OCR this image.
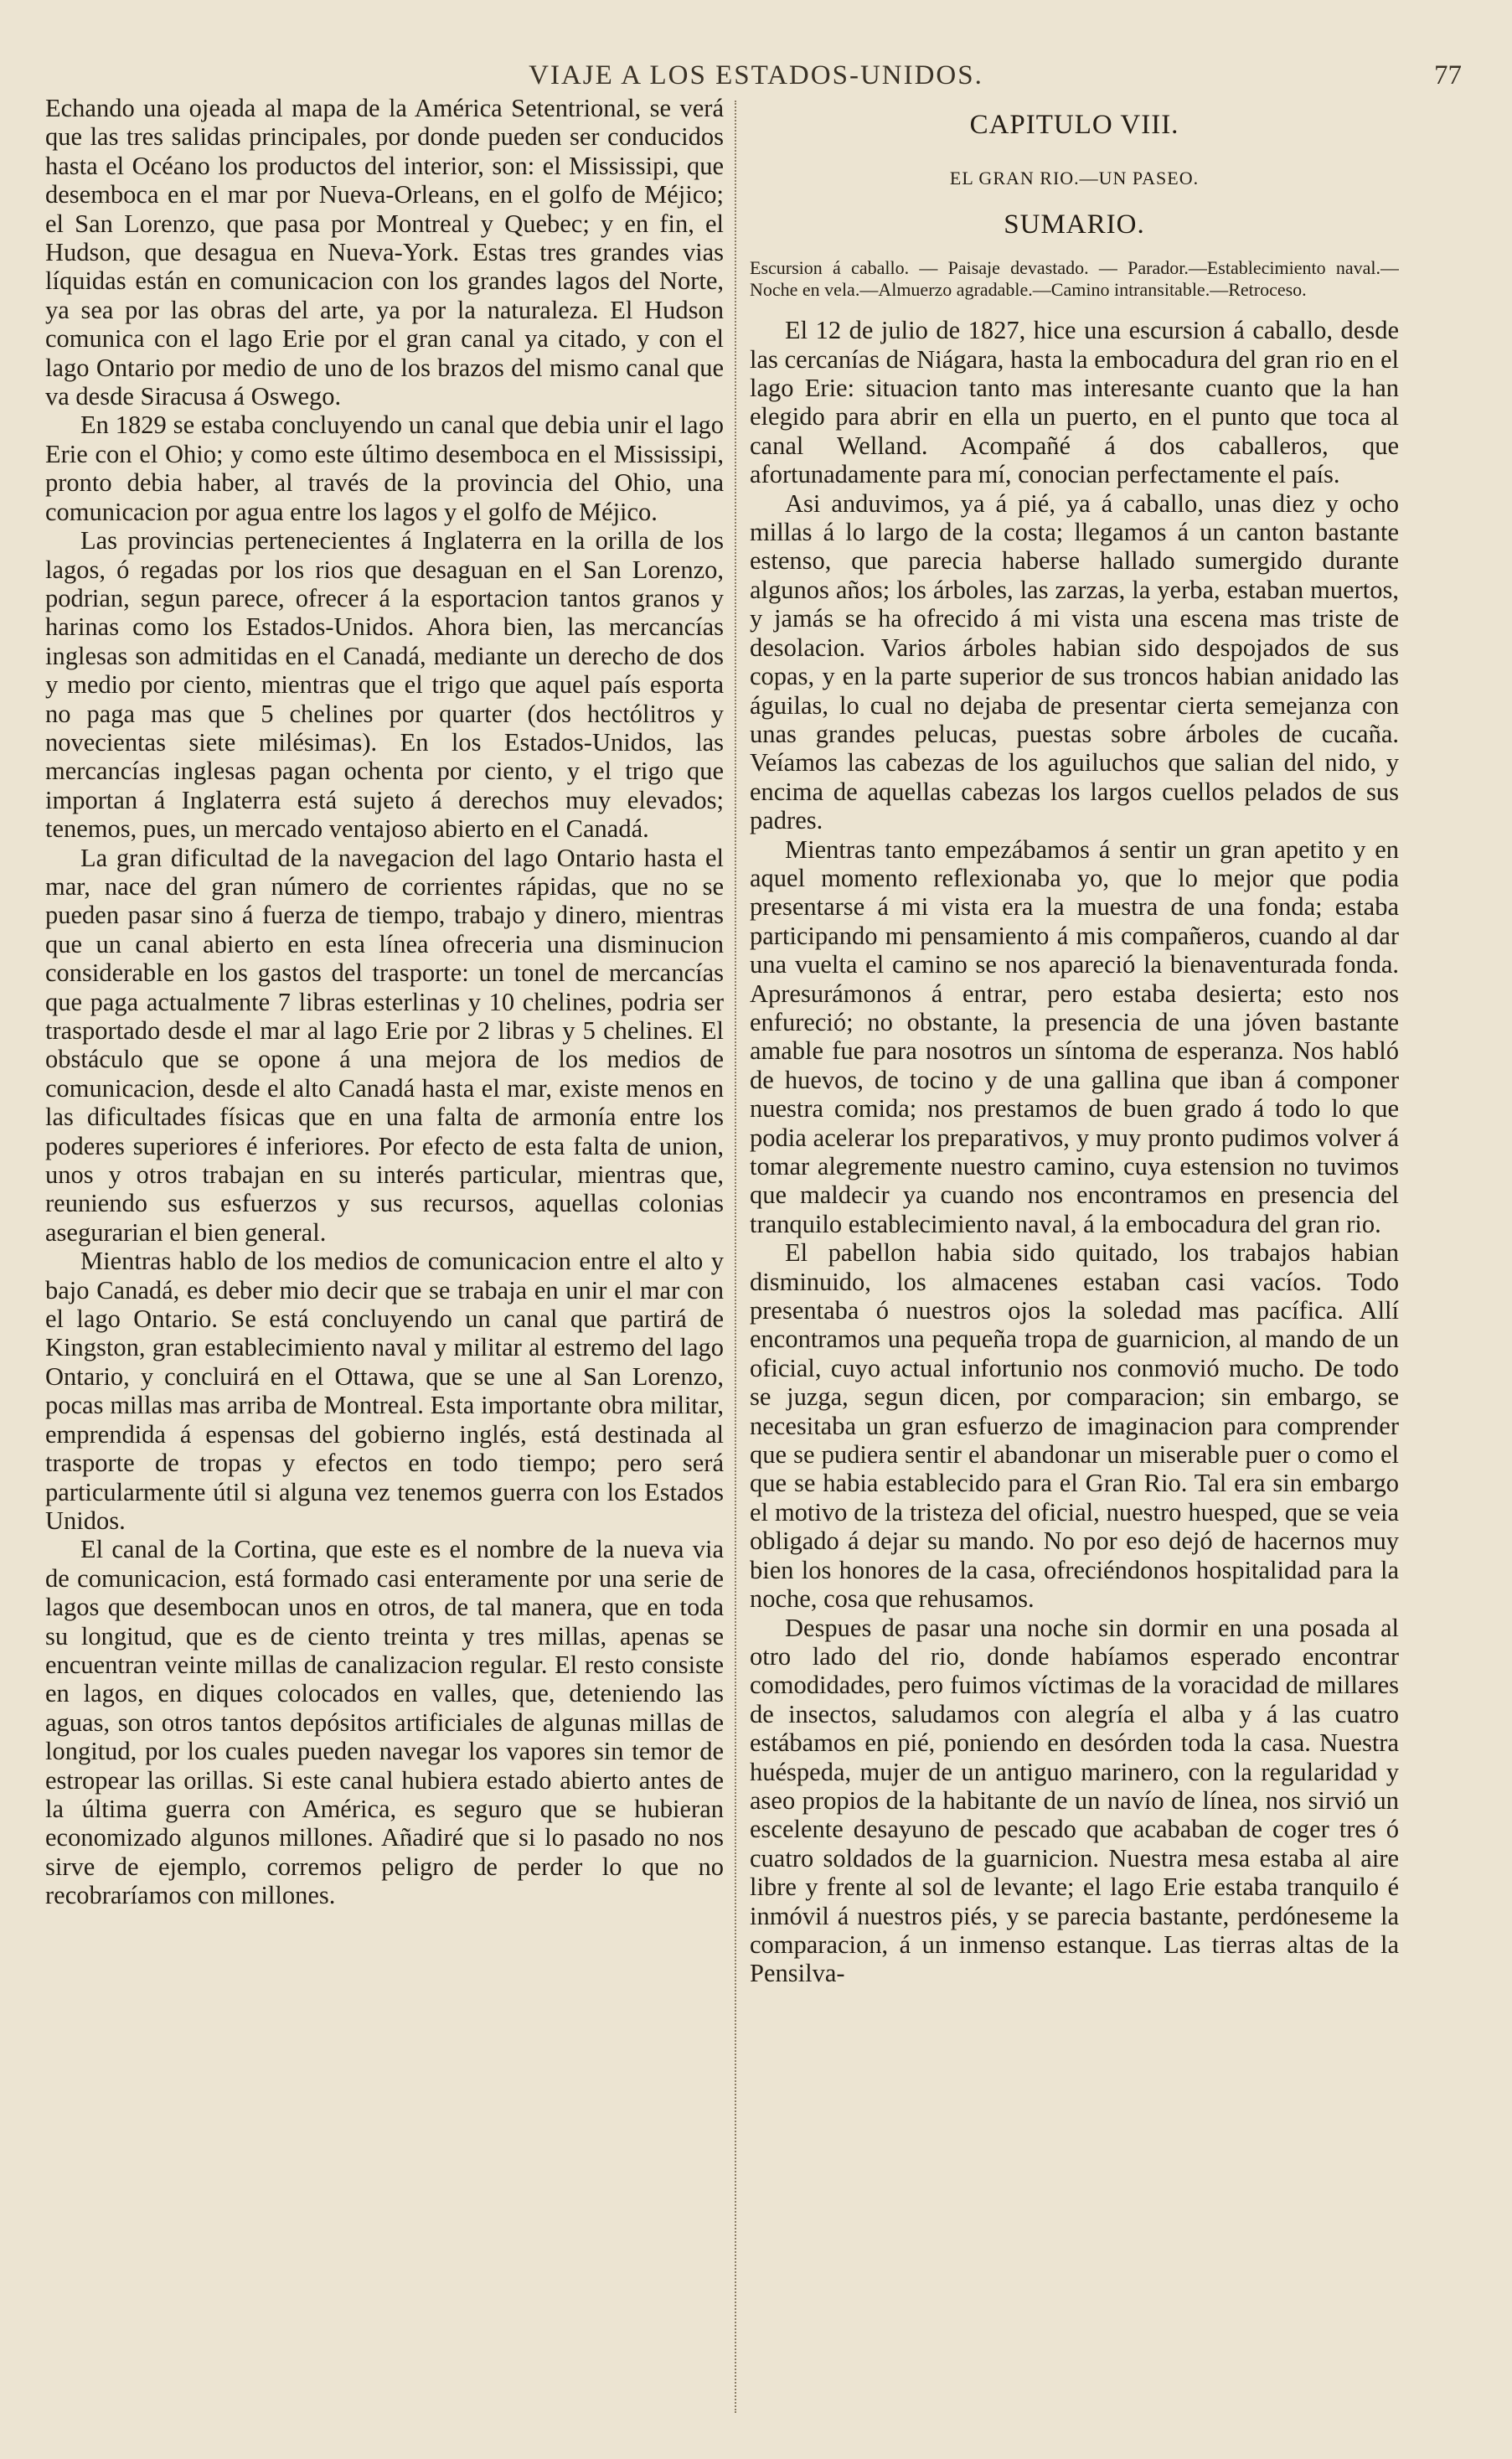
VIAJE A LOS ESTADOS-UNIDOS.	77

Echando una ojeada al mapa de la América Setentrional, se verá que las tres salidas principales, por donde pueden ser conducidos hasta el Océano los productos del interior, son: el Mississipi, que desemboca en el mar por Nueva-Orleans, en el golfo de Méjico; el San Lorenzo, que pasa por Montreal y Quebec; y en fin, el Hudson, que desagua en Nueva-York. Estas tres grandes vias líquidas están en comunicacion con los grandes lagos del Norte, ya sea por las obras del arte, ya por la naturaleza. El Hudson comunica con el lago Erie por el gran canal ya citado, y con el lago Ontario por medio de uno de los brazos del mismo canal que va desde Siracusa á Oswego.

En 1829 se estaba concluyendo un canal que debia unir el lago Erie con el Ohio; y como este último desemboca en el Mississipi, pronto debia haber, al través de la provincia del Ohio, una comunicacion por agua entre los lagos y el golfo de Méjico.

Las provincias pertenecientes á Inglaterra en la orilla de los lagos, ó regadas por los rios que desaguan en el San Lorenzo, podrian, segun parece, ofrecer á la esportacion tantos granos y harinas como los Estados-Unidos. Ahora bien, las mercancías inglesas son admitidas en el Canadá, mediante un derecho de dos y medio por ciento, mientras que el trigo que aquel país esporta no paga mas que 5 chelines por quarter (dos hectólitros y novecientas siete milésimas). En los Estados-Unidos, las mercancías inglesas pagan ochenta por ciento, y el trigo que importan á Inglaterra está sujeto á derechos muy elevados; tenemos, pues, un mercado ventajoso abierto en el Canadá.

La gran dificultad de la navegacion del lago Ontario hasta el mar, nace del gran número de corrientes rápidas, que no se pueden pasar sino á fuerza de tiempo, trabajo y dinero, mientras que un canal abierto en esta línea ofreceria una disminucion considerable en los gastos del trasporte: un tonel de mercancías que paga actualmente 7 libras esterlinas y 10 chelines, podria ser trasportado desde el mar al lago Erie por 2 libras y 5 chelines. El obstáculo que se opone á una mejora de los medios de comunicacion, desde el alto Canadá hasta el mar, existe menos en las dificultades físicas que en una falta de armonía entre los poderes superiores é inferiores. Por efecto de esta falta de union, unos y otros trabajan en su interés particular, mientras que, reuniendo sus esfuerzos y sus recursos, aquellas colonias asegurarian el bien general.

Mientras hablo de los medios de comunicacion entre el alto y bajo Canadá, es deber mio decir que se trabaja en unir el mar con el lago Ontario. Se está concluyendo un canal que partirá de Kingston, gran establecimiento naval y militar al estremo del lago Ontario, y concluirá en el Ottawa, que se une al San Lorenzo, pocas millas mas arriba de Montreal. Esta importante obra militar, emprendida á espensas del gobierno inglés, está destinada al trasporte de tropas y efectos en todo tiempo; pero será particularmente útil si alguna vez tenemos guerra con los Estados Unidos.

El canal de la Cortina, que este es el nombre de la nueva via de comunicacion, está formado casi enteramente por una serie de lagos que desembocan unos en otros, de tal manera, que en toda su longitud, que es de ciento treinta y tres millas, apenas se encuentran veinte millas de canalizacion regular. El resto consiste en lagos, en diques colocados en valles, que, deteniendo las aguas, son otros tantos depósitos artificiales de algunas millas de longitud, por los cuales pueden navegar los vapores sin temor de estropear las orillas. Si este canal hubiera estado abierto antes de la última guerra con América, es seguro que se hubieran economizado algunos millones. Añadiré que si lo pasado no nos sirve de ejemplo, corremos peligro de perder lo que no recobraríamos con millones.

CAPITULO VIII.
EL GRAN RIO.—UN PASEO.
SUMARIO.

Escursion á caballo. — Paisaje devastado. — Parador.—Establecimiento naval.—Noche en vela.—Almuerzo agradable.—Camino intransitable.—Retroceso.

El 12 de julio de 1827, hice una escursion á caballo, desde las cercanías de Niágara, hasta la embocadura del gran rio en el lago Erie: situacion tanto mas interesante cuanto que la han elegido para abrir en ella un puerto, en el punto que toca al canal Welland. Acompañé á dos caballeros, que afortunadamente para mí, conocian perfectamente el país.

Asi anduvimos, ya á pié, ya á caballo, unas diez y ocho millas á lo largo de la costa; llegamos á un canton bastante estenso, que parecia haberse hallado sumergido durante algunos años; los árboles, las zarzas, la yerba, estaban muertos, y jamás se ha ofrecido á mi vista una escena mas triste de desolacion. Varios árboles habian sido despojados de sus copas, y en la parte superior de sus troncos habian anidado las águilas, lo cual no dejaba de presentar cierta semejanza con unas grandes pelucas, puestas sobre árboles de cucaña. Veíamos las cabezas de los aguiluchos que salian del nido, y encima de aquellas cabezas los largos cuellos pelados de sus padres.

Mientras tanto empezábamos á sentir un gran apetito y en aquel momento reflexionaba yo, que lo mejor que podia presentarse á mi vista era la muestra de una fonda; estaba participando mi pensamiento á mis compañeros, cuando al dar una vuelta el camino se nos apareció la bienaventurada fonda. Apresurámonos á entrar, pero estaba desierta; esto nos enfureció; no obstante, la presencia de una jóven bastante amable fue para nosotros un síntoma de esperanza. Nos habló de huevos, de tocino y de una gallina que iban á componer nuestra comida; nos prestamos de buen grado á todo lo que podia acelerar los preparativos, y muy pronto pudimos volver á tomar alegremente nuestro camino, cuya estension no tuvimos que maldecir ya cuando nos encontramos en presencia del tranquilo establecimiento naval, á la embocadura del gran rio.

El pabellon habia sido quitado, los trabajos habian disminuido, los almacenes estaban casi vacíos. Todo presentaba ó nuestros ojos la soledad mas pacífica. Allí encontramos una pequeña tropa de guarnicion, al mando de un oficial, cuyo actual infortunio nos conmovió mucho. De todo se juzga, segun dicen, por comparacion; sin embargo, se necesitaba un gran esfuerzo de imaginacion para comprender que se pudiera sentir el abandonar un miserable puer o como el que se habia establecido para el Gran Rio. Tal era sin embargo el motivo de la tristeza del oficial, nuestro huesped, que se veia obligado á dejar su mando. No por eso dejó de hacernos muy bien los honores de la casa, ofreciéndonos hospitalidad para la noche, cosa que rehusamos.

Despues de pasar una noche sin dormir en una posada al otro lado del rio, donde habíamos esperado encontrar comodidades, pero fuimos víctimas de la voracidad de millares de insectos, saludamos con alegría el alba y á las cuatro estábamos en pié, poniendo en desórden toda la casa. Nuestra huéspeda, mujer de un antiguo marinero, con la regularidad y aseo propios de la habitante de un navío de línea, nos sirvió un escelente desayuno de pescado que acababan de coger tres ó cuatro soldados de la guarnicion. Nuestra mesa estaba al aire libre y frente al sol de levante; el lago Erie estaba tranquilo é inmóvil á nuestros piés, y se parecia bastante, perdóneseme la comparacion, á un inmenso estanque. Las tierras altas de la Pensilva-
